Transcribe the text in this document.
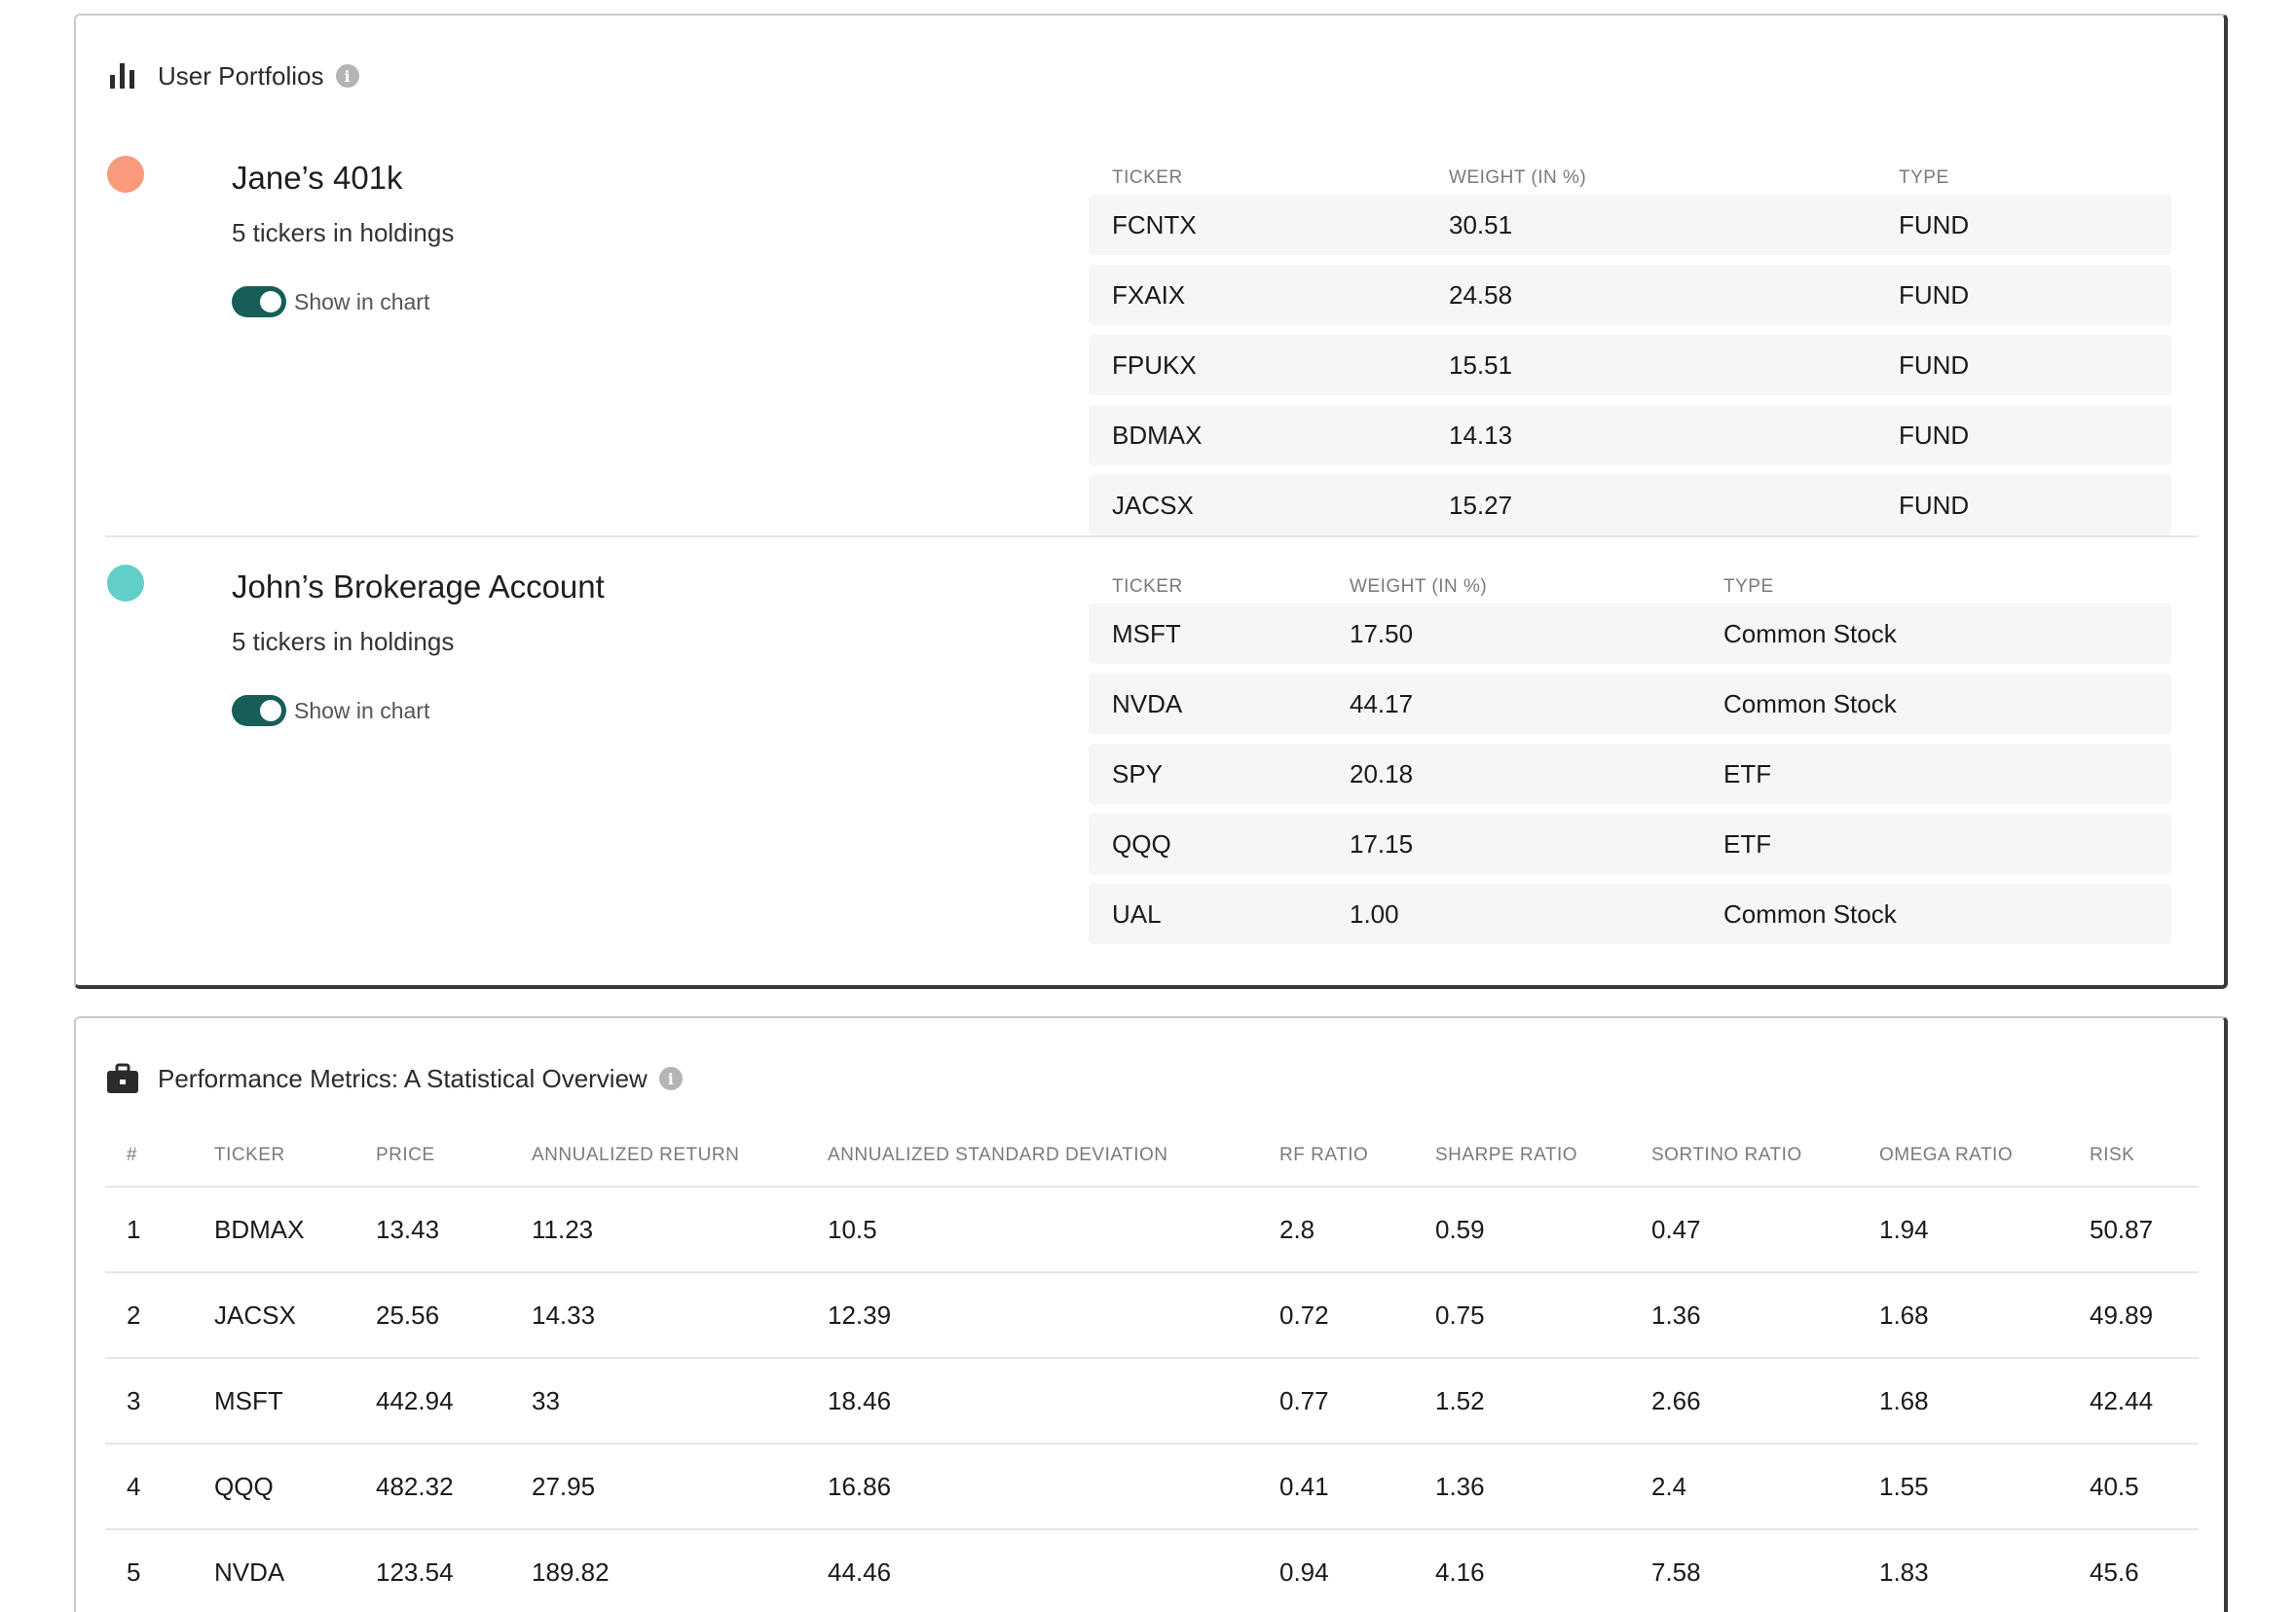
User Portfolios	i
Jane’s 401k
5 tickers in holdings
Show in chart
TICKER	WEIGHT (IN %)	TYPE
FCNTX	30.51	FUND
FXAIX	24.58	FUND
FPUKX	15.51	FUND
BDMAX	14.13	FUND
JACSX	15.27	FUND
John’s Brokerage Account
5 tickers in holdings
Show in chart
TICKER	WEIGHT (IN %)	TYPE
MSFT	17.50	Common Stock
NVDA	44.17	Common Stock
SPY	20.18	ETF
QQQ	17.15	ETF
UAL	1.00	Common Stock
Performance Metrics: A Statistical Overview	i
#	TICKER	PRICE	ANNUALIZED RETURN	ANNUALIZED STANDARD DEVIATION	RF RATIO	SHARPE RATIO	SORTINO RATIO	OMEGA RATIO	RISK
1	BDMAX	13.43	11.23	10.5	2.8	0.59	0.47	1.94	50.87
2	JACSX	25.56	14.33	12.39	0.72	0.75	1.36	1.68	49.89
3	MSFT	442.94	33	18.46	0.77	1.52	2.66	1.68	42.44
4	QQQ	482.32	27.95	16.86	0.41	1.36	2.4	1.55	40.5
5	NVDA	123.54	189.82	44.46	0.94	4.16	7.58	1.83	45.6
